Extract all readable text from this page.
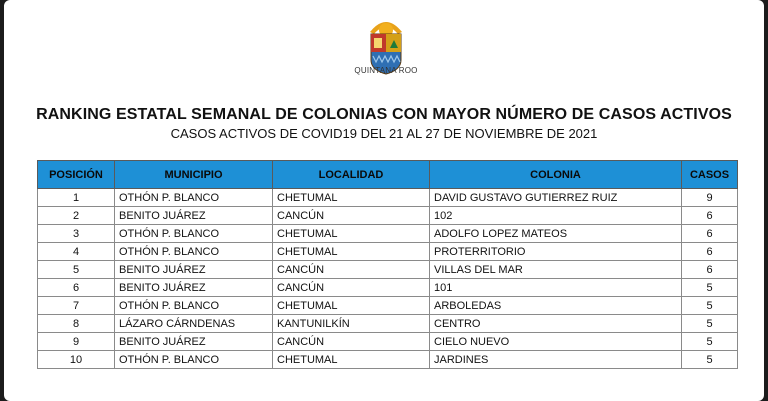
QUINTANA ROO
RANKING ESTATAL SEMANAL DE COLONIAS CON MAYOR NÚMERO DE CASOS ACTIVOS
CASOS ACTIVOS DE COVID19 DEL 21 AL 27 DE NOVIEMBRE DE 2021
POSICIÓN	MUNICIPIO	LOCALIDAD	COLONIA	CASOS
1	OTHÓN P. BLANCO	CHETUMAL	DAVID GUSTAVO GUTIERREZ RUIZ	9
2	BENITO JUÁREZ	CANCÚN	102	6
3	OTHÓN P. BLANCO	CHETUMAL	ADOLFO LOPEZ MATEOS	6
4	OTHÓN P. BLANCO	CHETUMAL	PROTERRITORIO	6
5	BENITO JUÁREZ	CANCÚN	VILLAS DEL MAR	6
6	BENITO JUÁREZ	CANCÚN	101	5
7	OTHÓN P. BLANCO	CHETUMAL	ARBOLEDAS	5
8	LÁZARO CÁRNDENAS	KANTUNILKÍN	CENTRO	5
9	BENITO JUÁREZ	CANCÚN	CIELO NUEVO	5
10	OTHÓN P. BLANCO	CHETUMAL	JARDINES	5
